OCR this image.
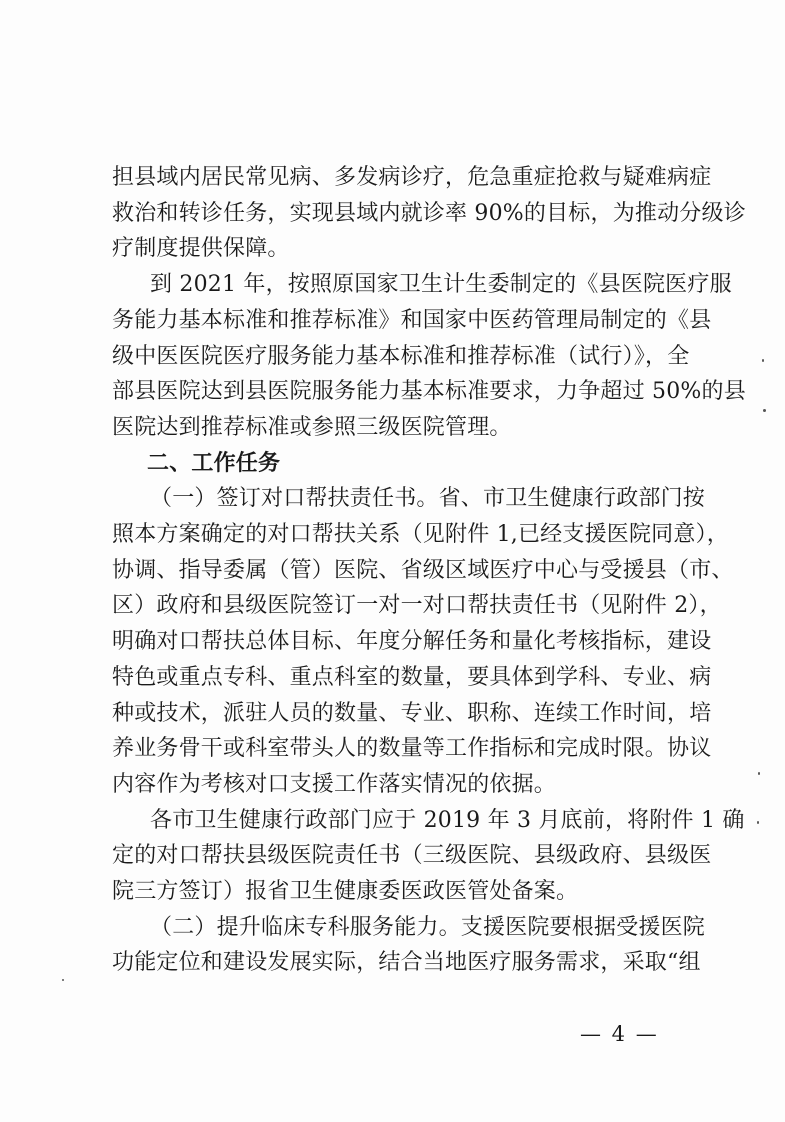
担县域内居民常见病、多发病诊疗，危急重症抢救与疑难病症
救治和转诊任务，实现县域内就诊率 90%的目标，为推动分级诊
疗制度提供保障。
到 2021 年，按照原国家卫生计生委制定的《县医院医疗服
务能力基本标准和推荐标准》和国家中医药管理局制定的《县
级中医医院医疗服务能力基本标准和推荐标准（试行）》，全
部县医院达到县医院服务能力基本标准要求，力争超过 50%的县
医院达到推荐标准或参照三级医院管理。
二、工作任务
（一）签订对口帮扶责任书。省、市卫生健康行政部门按
照本方案确定的对口帮扶关系（见附件 1,已经支援医院同意），
协调、指导委属（管）医院、省级区域医疗中心与受援县（市、
区）政府和县级医院签订一对一对口帮扶责任书（见附件 2），
明确对口帮扶总体目标、年度分解任务和量化考核指标，建设
特色或重点专科、重点科室的数量，要具体到学科、专业、病
种或技术，派驻人员的数量、专业、职称、连续工作时间，培
养业务骨干或科室带头人的数量等工作指标和完成时限。协议
内容作为考核对口支援工作落实情况的依据。
各市卫生健康行政部门应于 2019 年 3 月底前，将附件 1 确
定的对口帮扶县级医院责任书（三级医院、县级政府、县级医
院三方签订）报省卫生健康委医政医管处备案。
（二）提升临床专科服务能力。支援医院要根据受援医院
功能定位和建设发展实际，结合当地医疗服务需求，采取“组
— 4 —
